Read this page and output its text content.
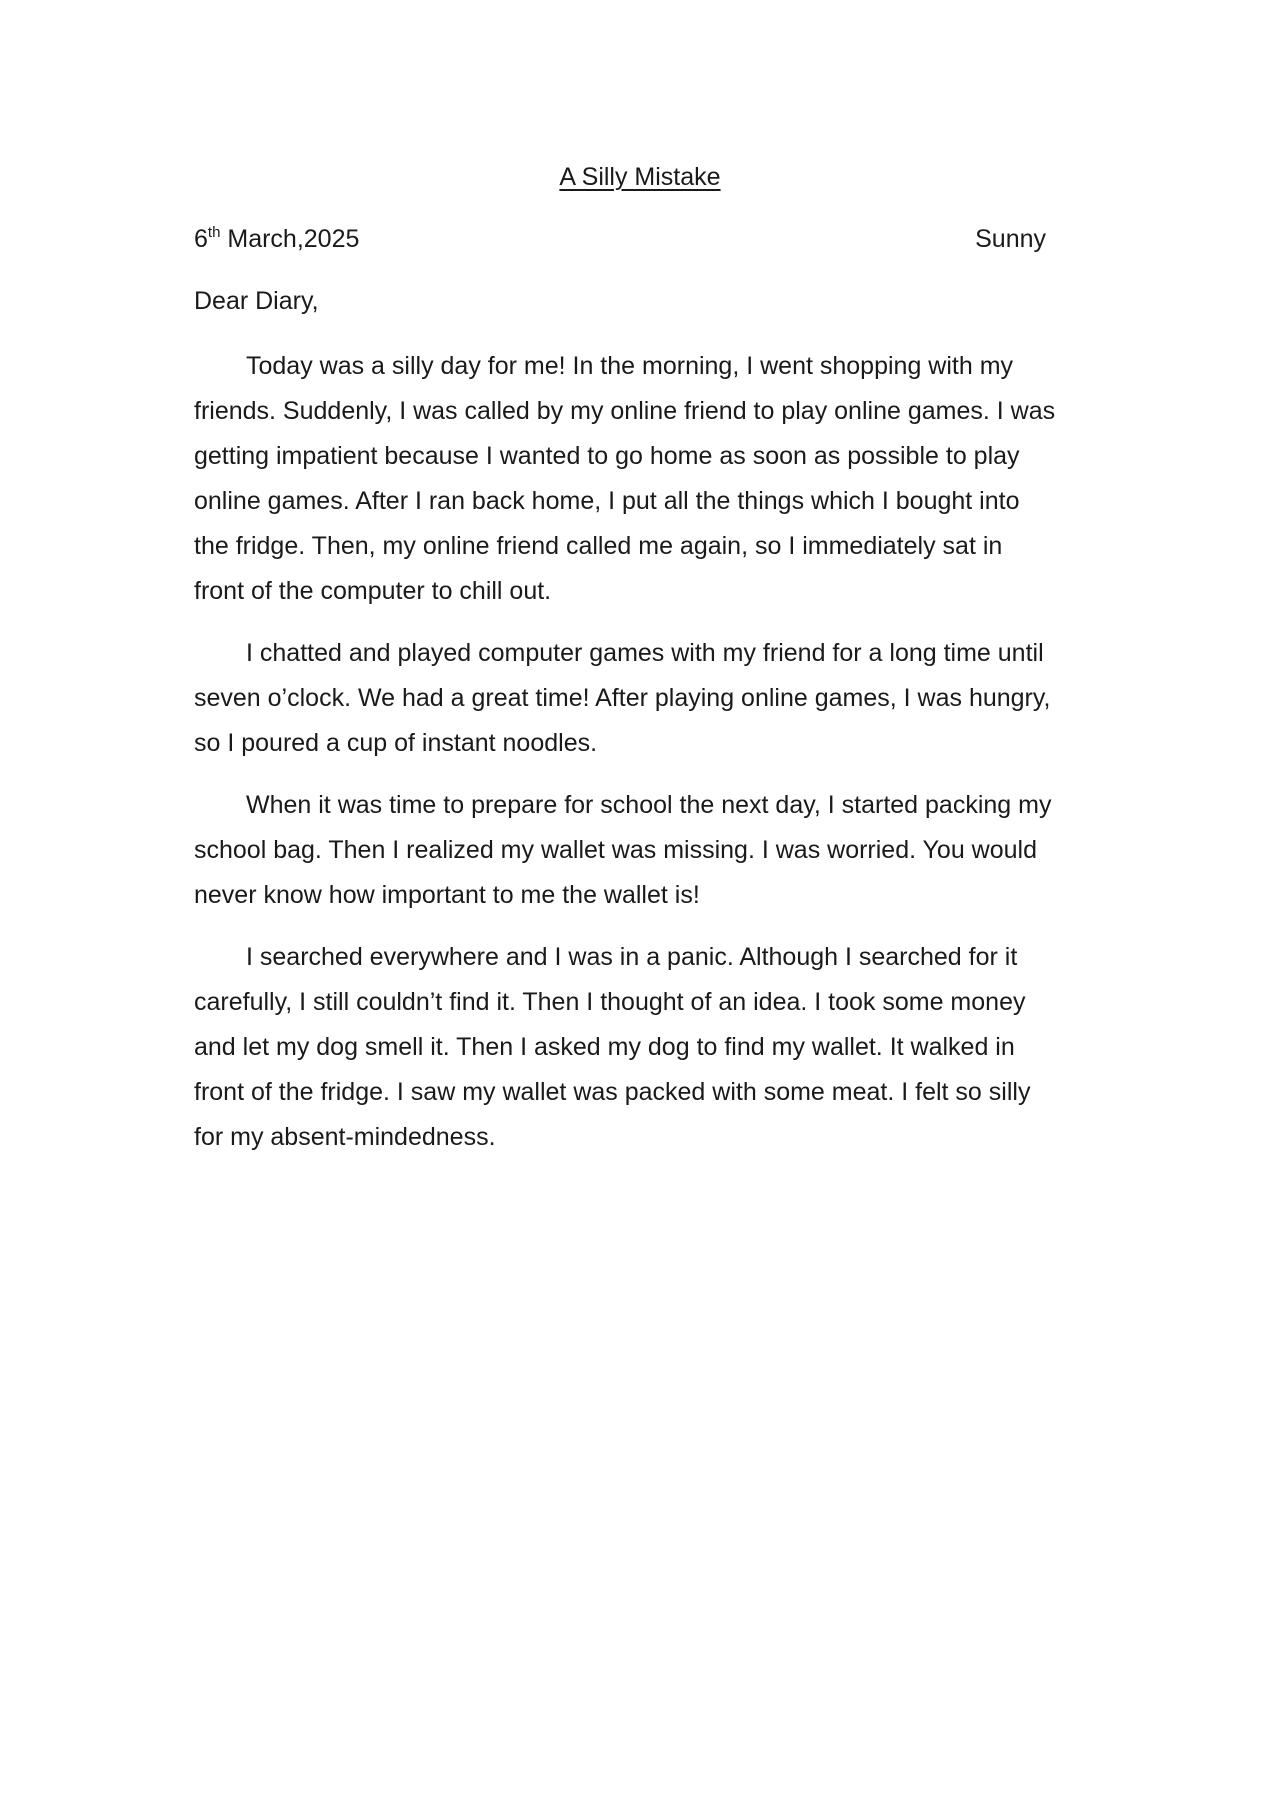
A Silly Mistake
6th March,2025	Sunny
Dear Diary,
Today was a silly day for me! In the morning, I went shopping with my
friends. Suddenly, I was called by my online friend to play online games. I was
getting impatient because I wanted to go home as soon as possible to play
online games. After I ran back home, I put all the things which I bought into
the fridge. Then, my online friend called me again, so I immediately sat in
front of the computer to chill out.
I chatted and played computer games with my friend for a long time until
seven o’clock. We had a great time! After playing online games, I was hungry,
so I poured a cup of instant noodles.
When it was time to prepare for school the next day, I started packing my
school bag. Then I realized my wallet was missing. I was worried. You would
never know how important to me the wallet is!
I searched everywhere and I was in a panic. Although I searched for it
carefully, I still couldn’t find it. Then I thought of an idea. I took some money
and let my dog smell it. Then I asked my dog to find my wallet. It walked in
front of the fridge. I saw my wallet was packed with some meat. I felt so silly
for my absent-mindedness.
